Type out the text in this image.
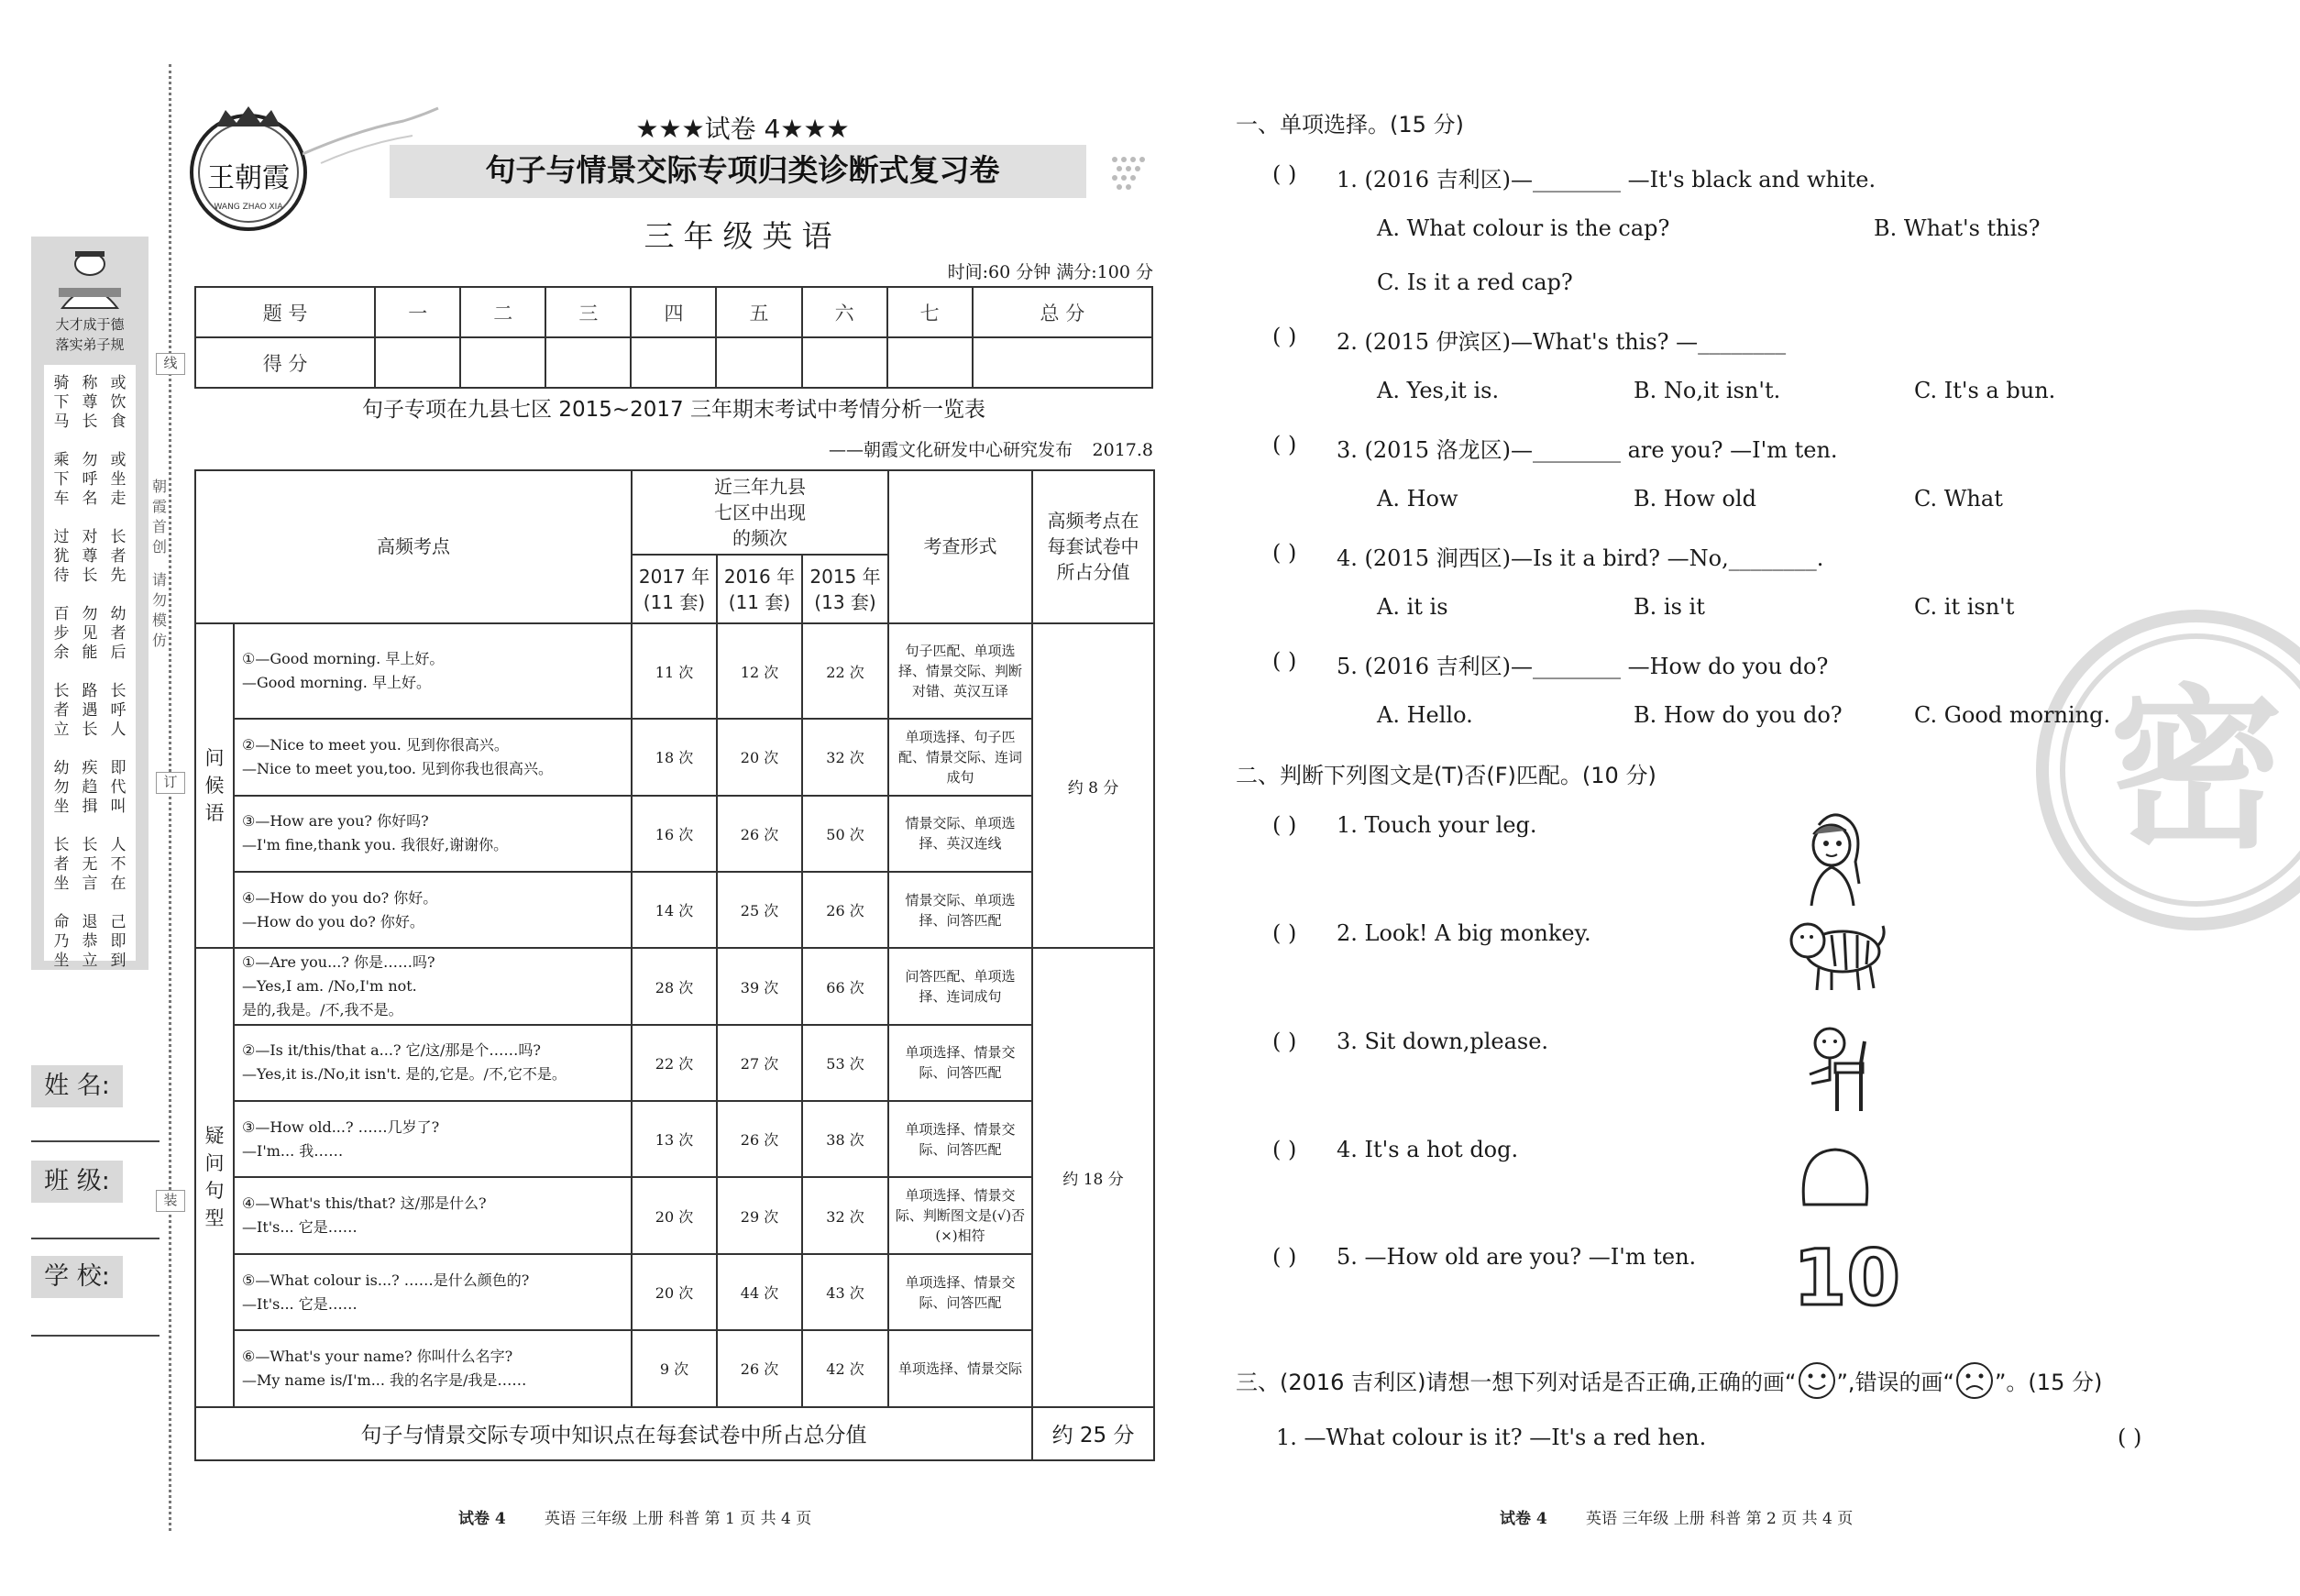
大才成于德
落实弟子规
骑
下
马

乘
下
车

过
犹
待

百
步
余

长
者
立

幼
勿
坐

长
者
坐

命
乃
坐
称
尊
长

勿
呼
名

对
尊
长

勿
见
能

路
遇
长

疾
趋
揖

长
无
言

退
恭
立
或
饮
食

或
坐
走

长
者
先

幼
者
后

长
呼
人

即
代
叫

人
不
在

己
即
到
线
订
装
朝
霞
首
创
请
勿
模
仿
姓 名:
班 级:
学 校:
王朝霞
WANG ZHAO XIA
★★★试卷 4★★★
句子与情景交际专项归类诊断式复习卷
三年级英语
时间:60 分钟 满分:100 分
题 号	一	二	三	四	五	六	七	总 分
得 分								
句子专项在九县七区 2015~2017 三年期末考试中考情分析一览表
——朝霞文化研发中心研究发布	2017.8
高频考点		近三年九县七区中出现的频次			考查形式	高频考点在每套试卷中所占分值
		2017 年(11 套)	2016 年(11 套)	2015 年(13 套)		
问候语	①—Good morning. 早上好。
—Good morning. 早上好。	11 次	12 次	22 次	句子匹配、单项选择、情景交际、判断对错、英汉互译	约 8 分

	②—Nice to meet you. 见到你很高兴。
—Nice to meet you,too. 见到你我也很高兴。	18 次	20 次	32 次	单项选择、句子匹配、情景交际、连词成句	

	③—How are you? 你好吗?
—I'm fine,thank you. 我很好,谢谢你。	16 次	26 次	50 次	情景交际、单项选择、英汉连线	

	④—How do you do? 你好。
—How do you do? 你好。	14 次	25 次	26 次	情景交际、单项选择、问答匹配	
疑问句型	①—Are you...? 你是……吗?
—Yes,I am. /No,I'm not.
是的,我是。/不,我不是。	28 次	39 次	66 次	问答匹配、单项选择、连词成句	约 18 分

	②—Is it/this/that a...? 它/这/那是个……吗?
—Yes,it is./No,it isn't. 是的,它是。/不,它不是。	22 次	27 次	53 次	单项选择、情景交际、问答匹配	

	③—How old...? ……几岁了?
—I'm... 我……	13 次	26 次	38 次	单项选择、情景交际、问答匹配	

	④—What's this/that? 这/那是什么?
—It's... 它是……	20 次	29 次	32 次	单项选择、情景交际、判断图文是(√)否(×)相符	

	⑤—What colour is...? ……是什么颜色的?
—It's... 它是……	20 次	44 次	43 次	单项选择、情景交际、问答匹配	

	⑥—What's your name? 你叫什么名字?
—My name is/I'm... 我的名字是/我是……	9 次	26 次	42 次	单项选择、情景交际	
句子与情景交际专项中知识点在每套试卷中所占总分值						约 25 分
试卷 4 英语 三年级 上册 科普 第 1 页 共 4 页
密
一、单项选择。(15 分)
( ) 1. (2016 吉利区)—________ —It's black and white.
A. What colour is the cap?	B. What's this?
C. Is it a red cap?
( ) 2. (2015 伊滨区)—What's this? —________
A. Yes,it is.	B. No,it isn't.	C. It's a bun.
( ) 3. (2015 洛龙区)—________ are you? —I'm ten.
A. How	B. How old	C. What
( ) 4. (2015 涧西区)—Is it a bird? —No,________.
A. it is	B. is it	C. it isn't
( ) 5. (2016 吉利区)—________ —How do you do?
A. Hello.	B. How do you do?	C. Good morning.
二、判断下列图文是(T)否(F)匹配。(10 分)
( ) 1. Touch your leg.
( ) 2. Look! A big monkey.
( ) 3. Sit down,please.
( ) 4. It's a hot dog.
( ) 5. —How old are you? —I'm ten. 10
三、(2016 吉利区)请想一想下列对话是否正确,正确的画“ ”,错误的画“ ”。(15 分)
1. —What colour is it? —It's a red hen.	( )
试卷 4 英语 三年级 上册 科普 第 2 页 共 4 页
